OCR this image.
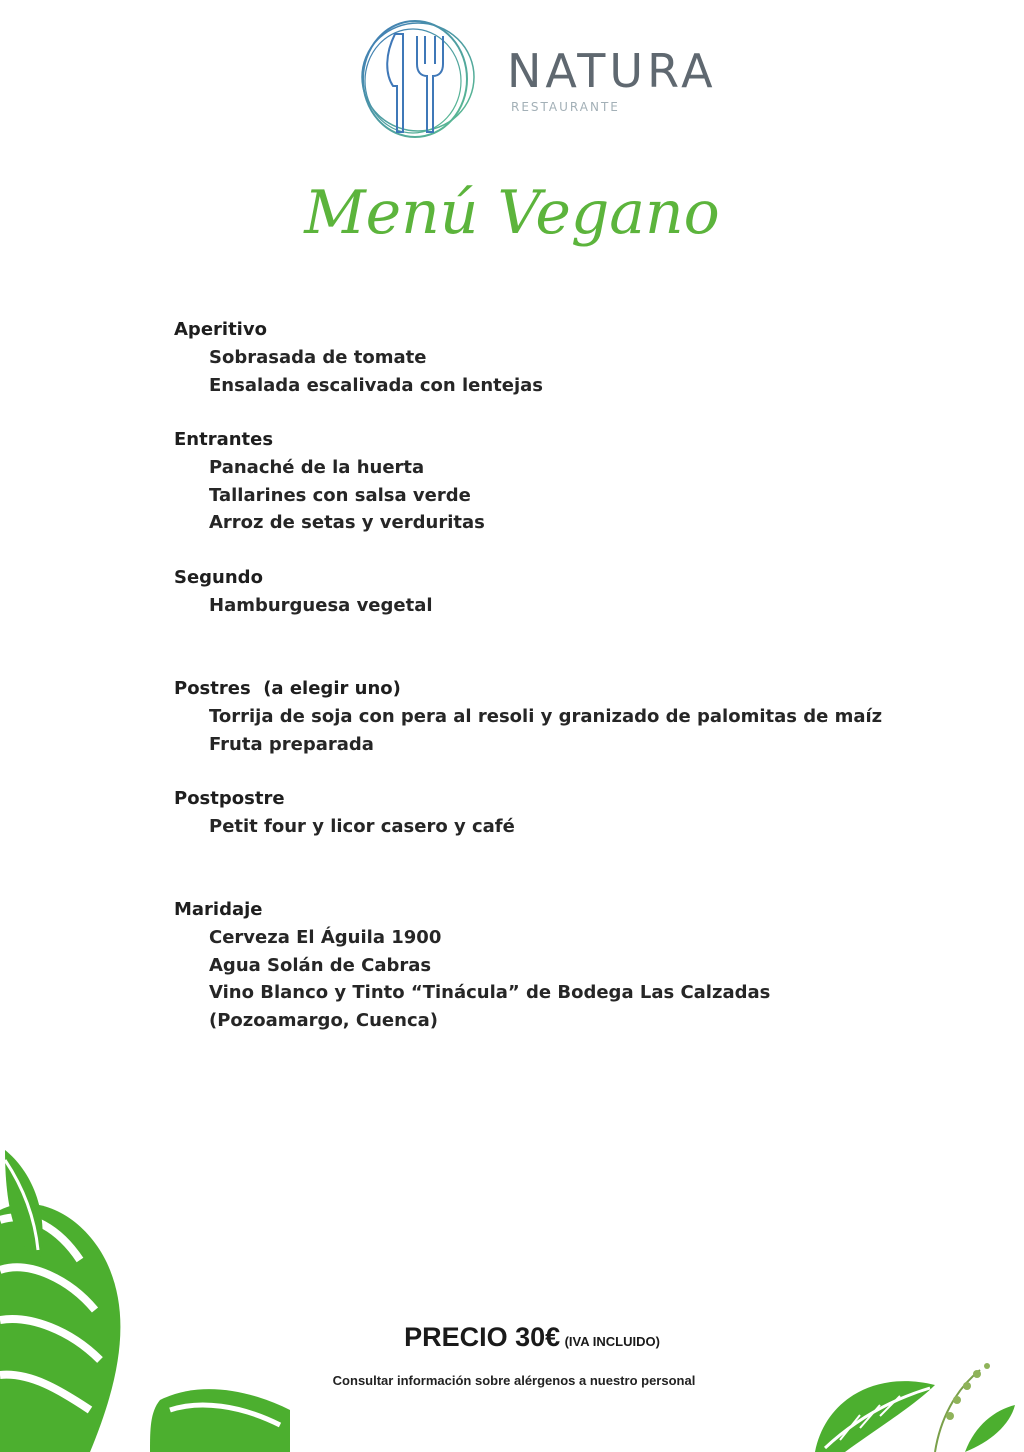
NATURA
RESTAURANTE
Menú Vegano
Aperitivo
Sobrasada de tomate
Ensalada escalivada con lentejas
Entrantes
Panaché de la huerta
Tallarines con salsa verde
Arroz de setas y verduritas
Segundo
Hamburguesa vegetal
Postres  (a elegir uno)
Torrija de soja con pera al resoli y granizado de palomitas de maíz
Fruta preparada
Postpostre
Petit four y licor casero y café
Maridaje
Cerveza El Águila 1900
Agua Solán de Cabras
Vino Blanco y Tinto “Tinácula” de Bodega Las Calzadas
(Pozoamargo, Cuenca)
PRECIO 30€ (IVA INCLUIDO)
Consultar información sobre alérgenos a nuestro personal
